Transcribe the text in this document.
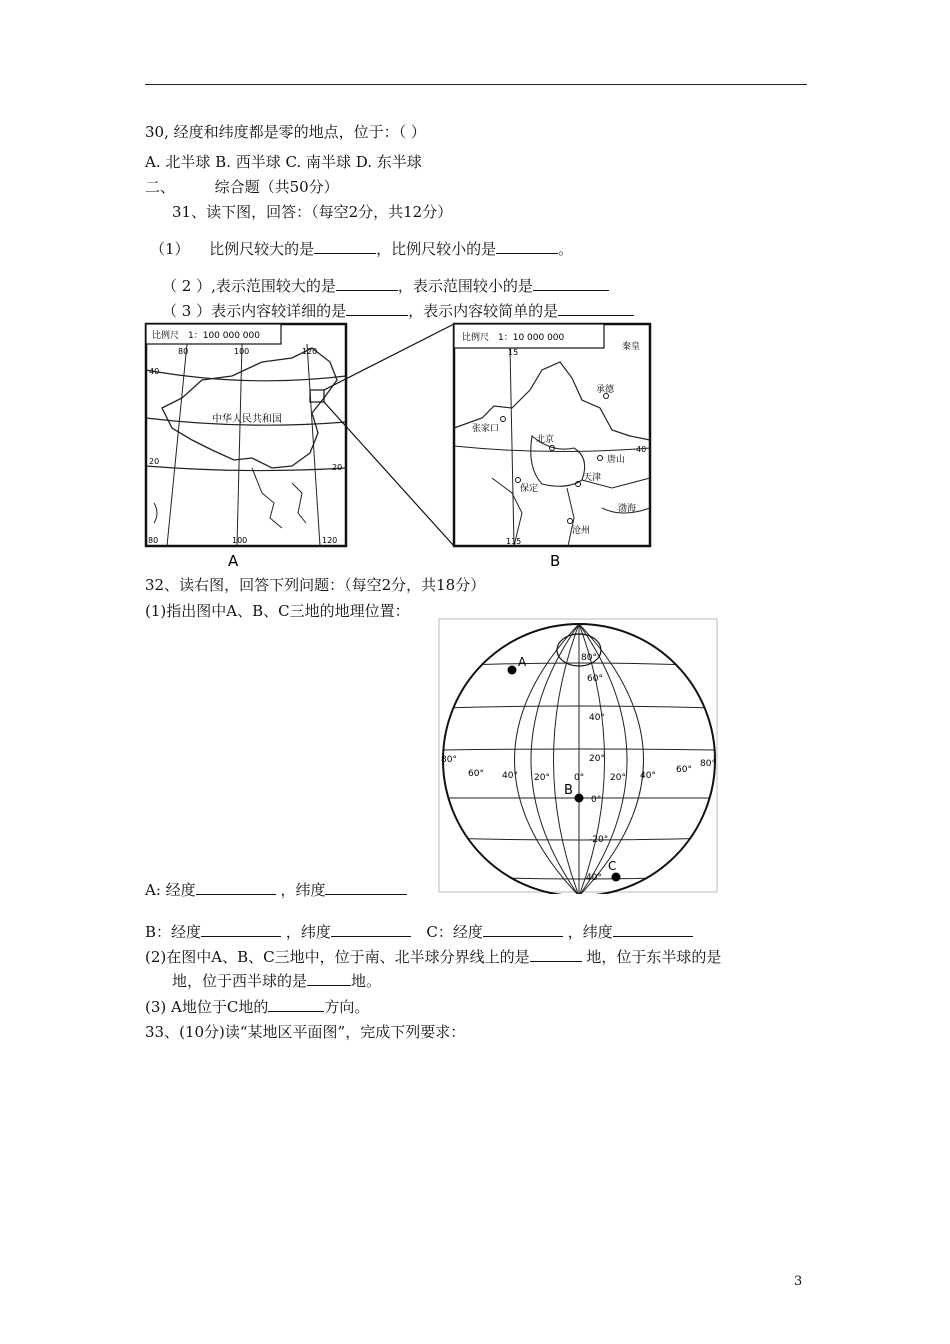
30, 经度和纬度都是零的地点，位于：（ ）
A. 北半球 B. 西半球 C. 南半球 D. 东半球
二、	综合题（共50分）
31、读下图，回答：（每空2分，共12分）
（1） 比例尺较大的是	，比例尺较小的是	。
（ 2 ）,表示范围较大的是	，表示范围较小的是
（ 3 ）表示内容较详细的是	，表示内容较简单的是
比例尺　1：100 000 000
中华人民共和国
80	100	120
40
20
20
80	100	120
A
比例尺　1：10 000 000
15
115
40
张家口
北京
承德
唐山
天津
保定
沧州
渤海
秦皇
B
32、读右图，回答下列问题：（每空2分，共18分）
(1)指出图中A、B、C三地的地理位置：
80°
60°
40°
20°
0°
-20°
40°
80°
60° 40° 20°	0°	20° 40°
60°
80°
A
B
C
A: 经度	，纬度
B：经度	，纬度	C：经度	，纬度
(2)在图中A、B、C三地中，位于南、北半球分界线上的是	地，位于东半球的是
地，位于西半球的是	地。
(3) A地位于C地的	方向。
33、(10分)读“某地区平面图”，完成下列要求：
3
